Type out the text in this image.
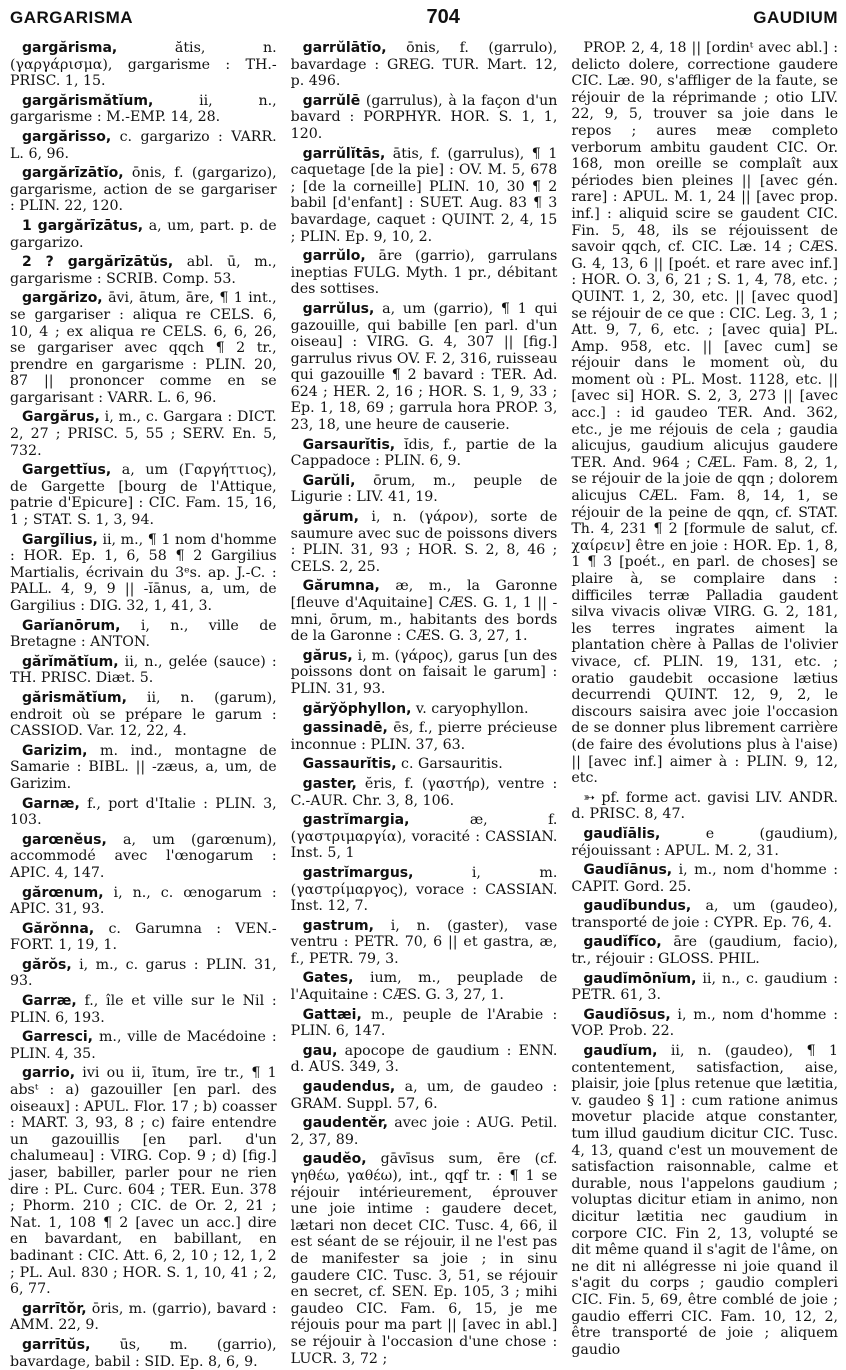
GARGARISMA	704	GAUDIUM

gargărisma, ătis, n. (γαργάρισμα), gargarisme : TH.-PRISC. 1, 15.

gargărismătĭum, ii, n., gargarisme : M.-EMP. 14, 28.

gargărisso, c. gargarizo : VARR. L. 6, 96.

gargărīzātĭo, ōnis, f. (gargarizo), gargarisme, action de se gargariser : PLIN. 22, 120.

1 gargărīzātus, a, um, part. p. de gargarizo.

2 ? gargărīzātŭs, abl. ū, m., gargarisme : SCRIB. Comp. 53.

gargărizo, āvi, ātum, āre, ¶ 1 int., se gargariser : aliqua re CELS. 6, 10, 4 ; ex aliqua re CELS. 6, 6, 26, se gargariser avec qqch ¶ 2 tr., prendre en gargarisme : PLIN. 20, 87 || prononcer comme en se gargarisant : VARR. L. 6, 96.

Gargărus, i, m., c. Gargara : DICT. 2, 27 ; PRISC. 5, 55 ; SERV. En. 5, 732.

Gargettĭus, a, um (Γαργήττιος), de Gargette [bourg de l'Attique, patrie d'Epicure] : CIC. Fam. 15, 16, 1 ; STAT. S. 1, 3, 94.

Gargĭlius, ii, m., ¶ 1 nom d'homme : HOR. Ep. 1, 6, 58 ¶ 2 Gargilius Martialis, écrivain du 3ᵉs. ap. J.-C. : PALL. 4, 9, 9 || -ĭānus, a, um, de Gargilius : DIG. 32, 1, 41, 3.

Garĭanōrum, i, n., ville de Bretagne : ANTON.

gărĭmătĭum, ii, n., gelée (sauce) : TH. PRISC. Diæt. 5.

gărismătĭum, ii, n. (garum), endroit où se prépare le garum : CASSIOD. Var. 12, 22, 4.

Garizim, m. ind., montagne de Samarie : BIBL. || -zæus, a, um, de Garizim.

Garnæ, f., port d'Italie : PLIN. 3, 103.

garœnĕus, a, um (garœnum), accommodé avec l'œnogarum : APIC. 4, 147.

gărœnum, i, n., c. œnogarum : APIC. 31, 93.

Gărŏnna, c. Garumna : VEN.-FORT. 1, 19, 1.

gărŏs, i, m., c. garus : PLIN. 31, 93.

Garræ, f., île et ville sur le Nil : PLIN. 6, 193.

Garresci, m., ville de Macédoine : PLIN. 4, 35.

garrio, ivi ou ii, ītum, īre tr., ¶ 1 absᵗ : a) gazouiller [en parl. des oiseaux] : APUL. Flor. 17 ; b) coasser : MART. 3, 93, 8 ; c) faire entendre un gazouillis [en parl. d'un chalumeau] : VIRG. Cop. 9 ; d) [fig.] jaser, babiller, parler pour ne rien dire : PL. Curc. 604 ; TER. Eun. 378 ; Phorm. 210 ; CIC. de Or. 2, 21 ; Nat. 1, 108 ¶ 2 [avec un acc.] dire en bavardant, en babillant, en badinant : CIC. Att. 6, 2, 10 ; 12, 1, 2 ; PL. Aul. 830 ; HOR. S. 1, 10, 41 ; 2, 6, 77.

garrītŏr, ōris, m. (garrio), bavard : AMM. 22, 9.

garrītŭs, ūs, m. (garrio), bavardage, babil : SID. Ep. 8, 6, 9.

garrŭlātĭo, ōnis, f. (garrulo), bavardage : GREG. TUR. Mart. 12, p. 496.

garrŭlē (garrulus), à la façon d'un bavard : PORPHYR. HOR. S. 1, 1, 120.

garrŭlĭtās, ātis, f. (garrulus), ¶ 1 caquetage [de la pie] : OV. M. 5, 678 ; [de la corneille] PLIN. 10, 30 ¶ 2 babil [d'enfant] : SUET. Aug. 83 ¶ 3 bavardage, caquet : QUINT. 2, 4, 15 ; PLIN. Ep. 9, 10, 2.

garrŭlo, āre (garrio), garrulans ineptias FULG. Myth. 1 pr., débitant des sottises.

garrŭlus, a, um (garrio), ¶ 1 qui gazouille, qui babille [en parl. d'un oiseau] : VIRG. G. 4, 307 || [fig.] garrulus rivus OV. F. 2, 316, ruisseau qui gazouille ¶ 2 bavard : TER. Ad. 624 ; HER. 2, 16 ; HOR. S. 1, 9, 33 ; Ep. 1, 18, 69 ; garrula hora PROP. 3, 23, 18, une heure de causerie.

Garsaurĭtis, ĭdis, f., partie de la Cappadoce : PLIN. 6, 9.

Garŭli, ōrum, m., peuple de Ligurie : LIV. 41, 19.

gărum, i, n. (γάρον), sorte de saumure avec suc de poissons divers : PLIN. 31, 93 ; HOR. S. 2, 8, 46 ; CELS. 2, 25.

Gărumna, æ, m., la Garonne [fleuve d'Aquitaine] CÆS. G. 1, 1 || -mni, ōrum, m., habitants des bords de la Garonne : CÆS. G. 3, 27, 1.

gărus, i, m. (γάρος), garus [un des poissons dont on faisait le garum] : PLIN. 31, 93.

gărўŏphyllon, v. caryophyllon.

gassinadē, ēs, f., pierre précieuse inconnue : PLIN. 37, 63.

Gassaurĭtis, c. Garsauritis.

gaster, ĕris, f. (γαστήρ), ventre : C.-AUR. Chr. 3, 8, 106.

gastrĭmargia, æ, f. (γαστριμαργία), voracité : CASSIAN. Inst. 5, 1

gastrĭmargus, i, m. (γαστρίμαργος), vorace : CASSIAN. Inst. 12, 7.

gastrum, i, n. (gaster), vase ventru : PETR. 70, 6 || et gastra, æ, f., PETR. 79, 3.

Gates, ium, m., peuplade de l'Aquitaine : CÆS. G. 3, 27, 1.

Gattæi, m., peuple de l'Arabie : PLIN. 6, 147.

gau, apocope de gaudium : ENN. d. AUS. 349, 3.

gaudendus, a, um, de gaudeo : GRAM. Suppl. 57, 6.

gaudentĕr, avec joie : AUG. Petil. 2, 37, 89.

gaudĕo, gāvīsus sum, ēre (cf. γηθέω, γαθέω), int., qqf tr. : ¶ 1 se réjouir intérieurement, éprouver une joie intime : gaudere decet, lætari non decet CIC. Tusc. 4, 66, il est séant de se réjouir, il ne l'est pas de manifester sa joie ; in sinu gaudere CIC. Tusc. 3, 51, se réjouir en secret, cf. SEN. Ep. 105, 3 ; mihi gaudeo CIC. Fam. 6, 15, je me réjouis pour ma part || [avec in abl.] se réjouir à l'occasion d'une chose : LUCR. 3, 72 ;

PROP. 2, 4, 18 || [ordinᵗ avec abl.] : delicto dolere, correctione gaudere CIC. Læ. 90, s'affliger de la faute, se réjouir de la réprimande ; otio LIV. 22, 9, 5, trouver sa joie dans le repos ; aures meæ completo verborum ambitu gaudent CIC. Or. 168, mon oreille se complaît aux périodes bien pleines || [avec gén. rare] : APUL. M. 1, 24 || [avec prop. inf.] : aliquid scire se gaudent CIC. Fin. 5, 48, ils se réjouissent de savoir qqch, cf. CIC. Læ. 14 ; CÆS. G. 4, 13, 6 || [poét. et rare avec inf.] : HOR. O. 3, 6, 21 ; S. 1, 4, 78, etc. ; QUINT. 1, 2, 30, etc. || [avec quod] se réjouir de ce que : CIC. Leg. 3, 1 ; Att. 9, 7, 6, etc. ; [avec quia] PL. Amp. 958, etc. || [avec cum] se réjouir dans le moment où, du moment où : PL. Most. 1128, etc. || [avec si] HOR. S. 2, 3, 273 || [avec acc.] : id gaudeo TER. And. 362, etc., je me réjouis de cela ; gaudia alicujus, gaudium alicujus gaudere TER. And. 964 ; CÆL. Fam. 8, 2, 1, se réjouir de la joie de qqn ; dolorem alicujus CÆL. Fam. 8, 14, 1, se réjouir de la peine de qqn, cf. STAT. Th. 4, 231 ¶ 2 [formule de salut, cf. χαίρειν] être en joie : HOR. Ep. 1, 8, 1 ¶ 3 [poét., en parl. de choses] se plaire à, se complaire dans : difficiles terræ Palladia gaudent silva vivacis olivæ VIRG. G. 2, 181, les terres ingrates aiment la plantation chère à Pallas de l'olivier vivace, cf. PLIN. 19, 131, etc. ; oratio gaudebit occasione lætius decurrendi QUINT. 12, 9, 2, le discours saisira avec joie l'occasion de se donner plus librement carrière (de faire des évolutions plus à l'aise) || [avec inf.] aimer à : PLIN. 9, 12, etc.

➳ pf. forme act. gavisi LIV. ANDR. d. PRISC. 8, 47.

gaudĭālis, e (gaudium), réjouissant : APUL. M. 2, 31.

Gaudĭānus, i, m., nom d'homme : CAPIT. Gord. 25.

gaudĭbundus, a, um (gaudeo), transporté de joie : CYPR. Ep. 76, 4.

gaudĭfĭco, āre (gaudium, facio), tr., réjouir : GLOSS. PHIL.

gaudĭmōnĭum, ii, n., c. gaudium : PETR. 61, 3.

Gaudĭōsus, i, m., nom d'homme : VOP. Prob. 22.

gaudĭum, ii, n. (gaudeo), ¶ 1 contentement, satisfaction, aise, plaisir, joie [plus retenue que lætitia, v. gaudeo § 1] : cum ratione animus movetur placide atque constanter, tum illud gaudium dicitur CIC. Tusc. 4, 13, quand c'est un mouvement de satisfaction raisonnable, calme et durable, nous l'appelons gaudium ; voluptas dicitur etiam in animo, non dicitur lætitia nec gaudium in corpore CIC. Fin 2, 13, volupté se dit même quand il s'agit de l'âme, on ne dit ni allégresse ni joie quand il s'agit du corps ; gaudio compleri CIC. Fin. 5, 69, être comblé de joie ; gaudio efferri CIC. Fam. 10, 12, 2, être transporté de joie ; aliquem gaudio
